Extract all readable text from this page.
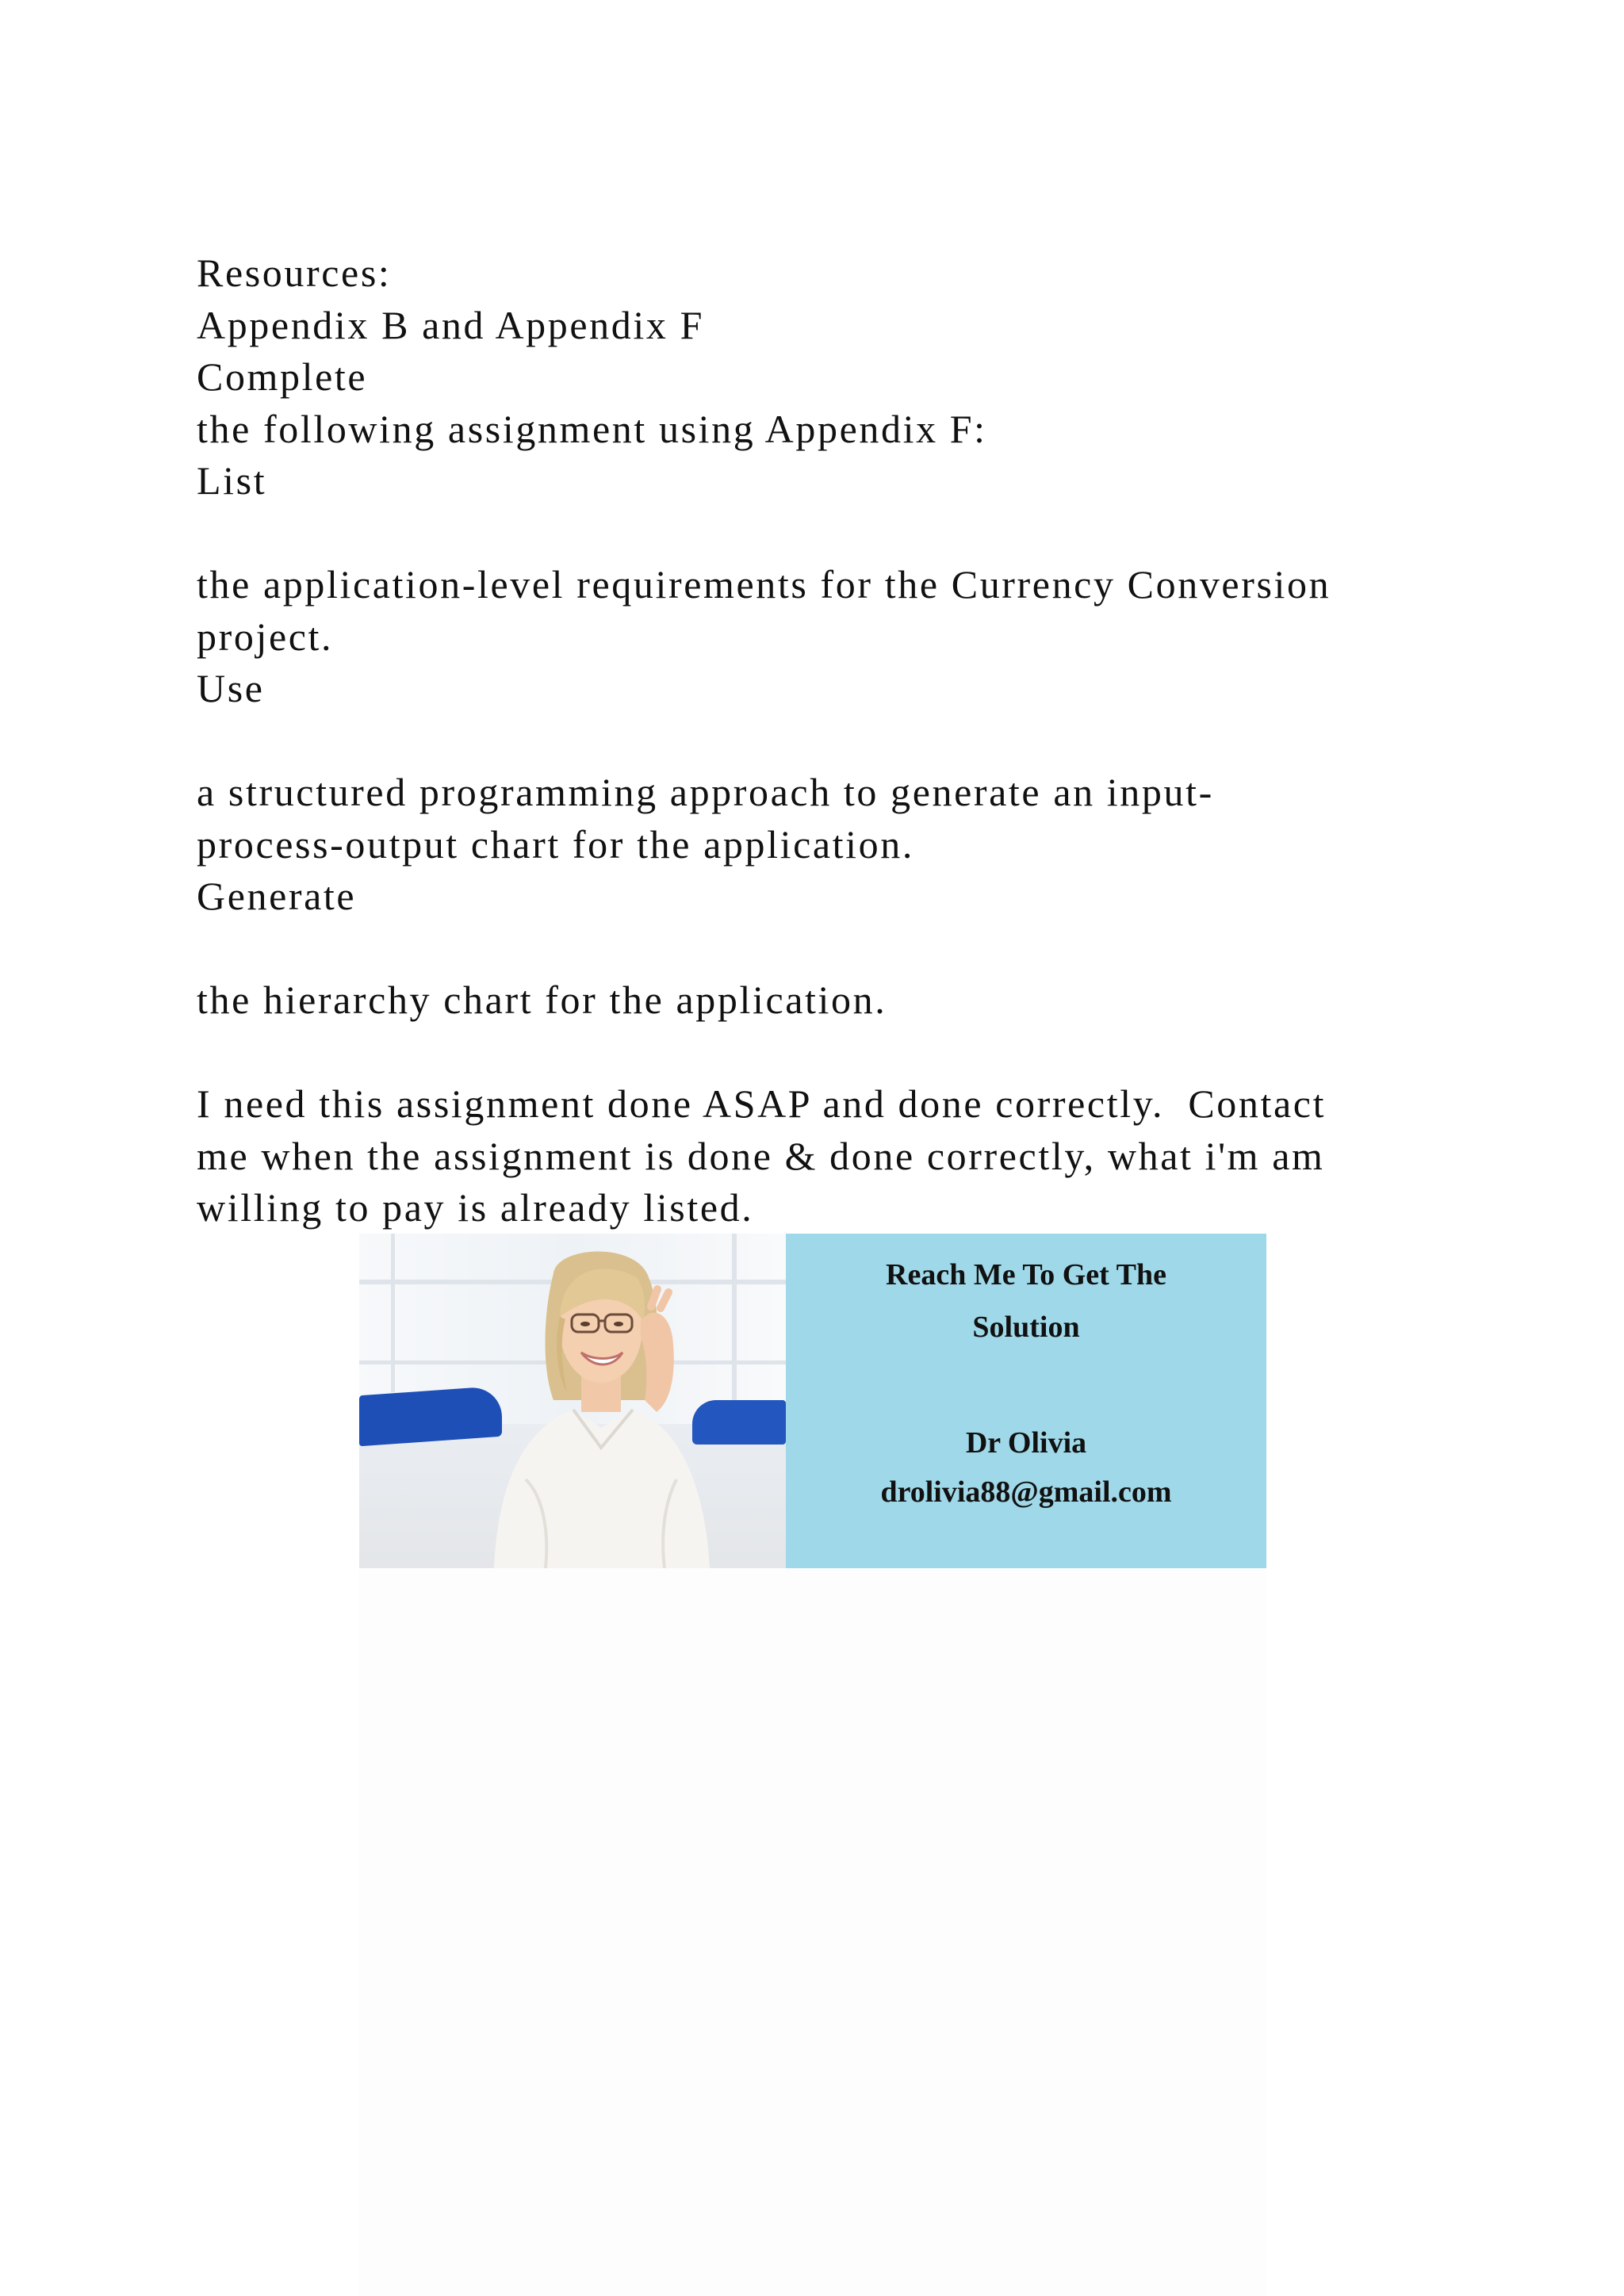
Resources:
Appendix B and Appendix F
Complete
the following assignment using Appendix F:
List
the application-level requirements for the Currency Conversion
project.
Use
a structured programming approach to generate an input-
process-output chart for the application.
Generate
the hierarchy chart for the application.
I need this assignment done ASAP and done correctly.  Contact
me when the assignment is done & done correctly, what i'm am
willing to pay is already listed.
Reach Me To Get The
Solution
Dr Olivia
drolivia88@gmail.com
